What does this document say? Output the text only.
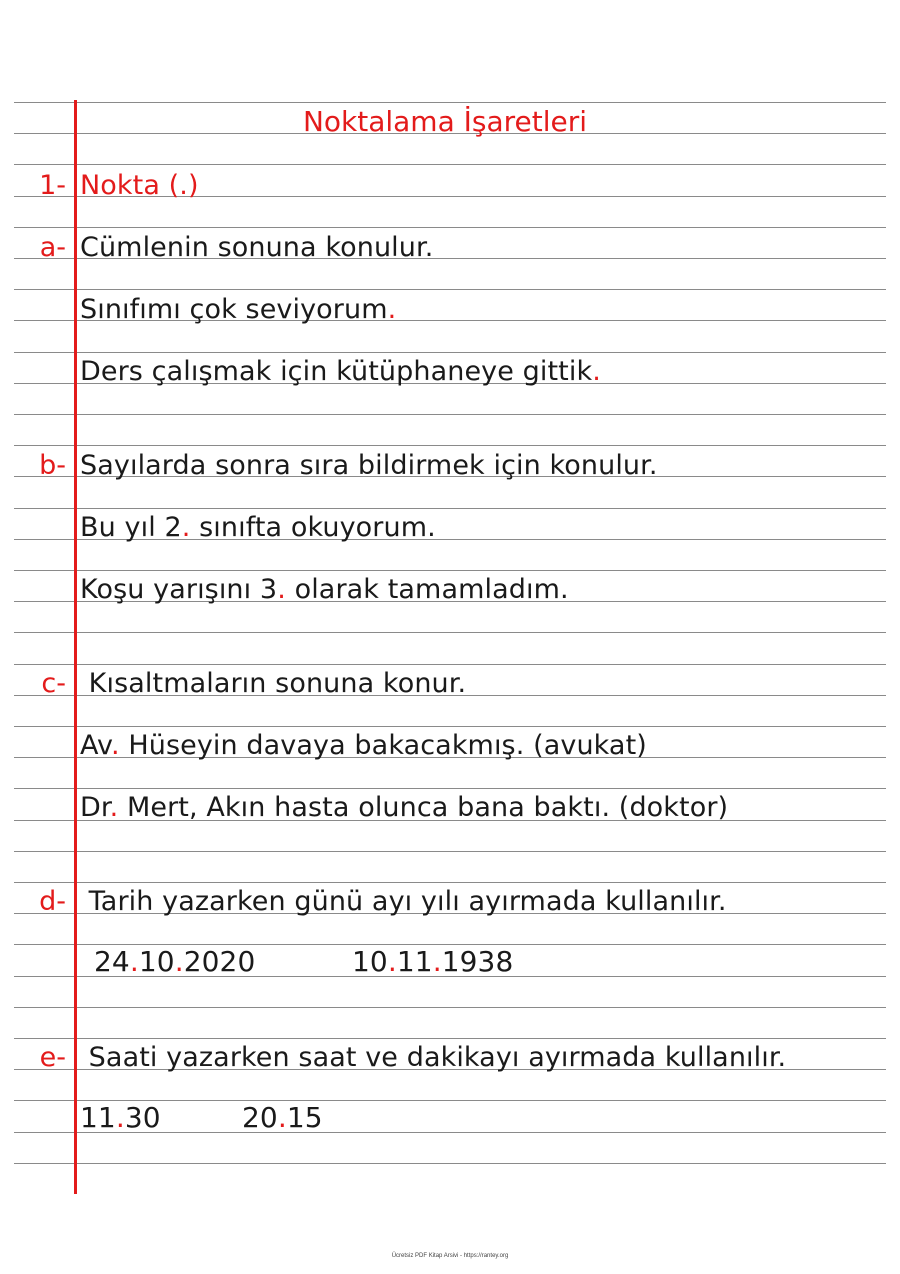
Noktalama İşaretleri
1- Nokta (.)
a- Cümlenin sonuna konulur.
Sınıfımı çok seviyorum.
Ders çalışmak için kütüphaneye gittik.
b- Sayılarda sonra sıra bildirmek için konulur.
Bu yıl 2. sınıfta okuyorum.
Koşu yarışını 3. olarak tamamladım.
c- Kısaltmaların sonuna konur.
Av. Hüseyin davaya bakacakmış. (avukat)
Dr. Mert, Akın hasta olunca bana baktı. (doktor)
d- Tarih yazarken günü ayı yılı ayırmada kullanılır.
24.10.2020	10.11.1938
e- Saati yazarken saat ve dakikayı ayırmada kullanılır.
11.30	20.15
Ücretsiz PDF Kitap Arsivi - https://rantey.org
